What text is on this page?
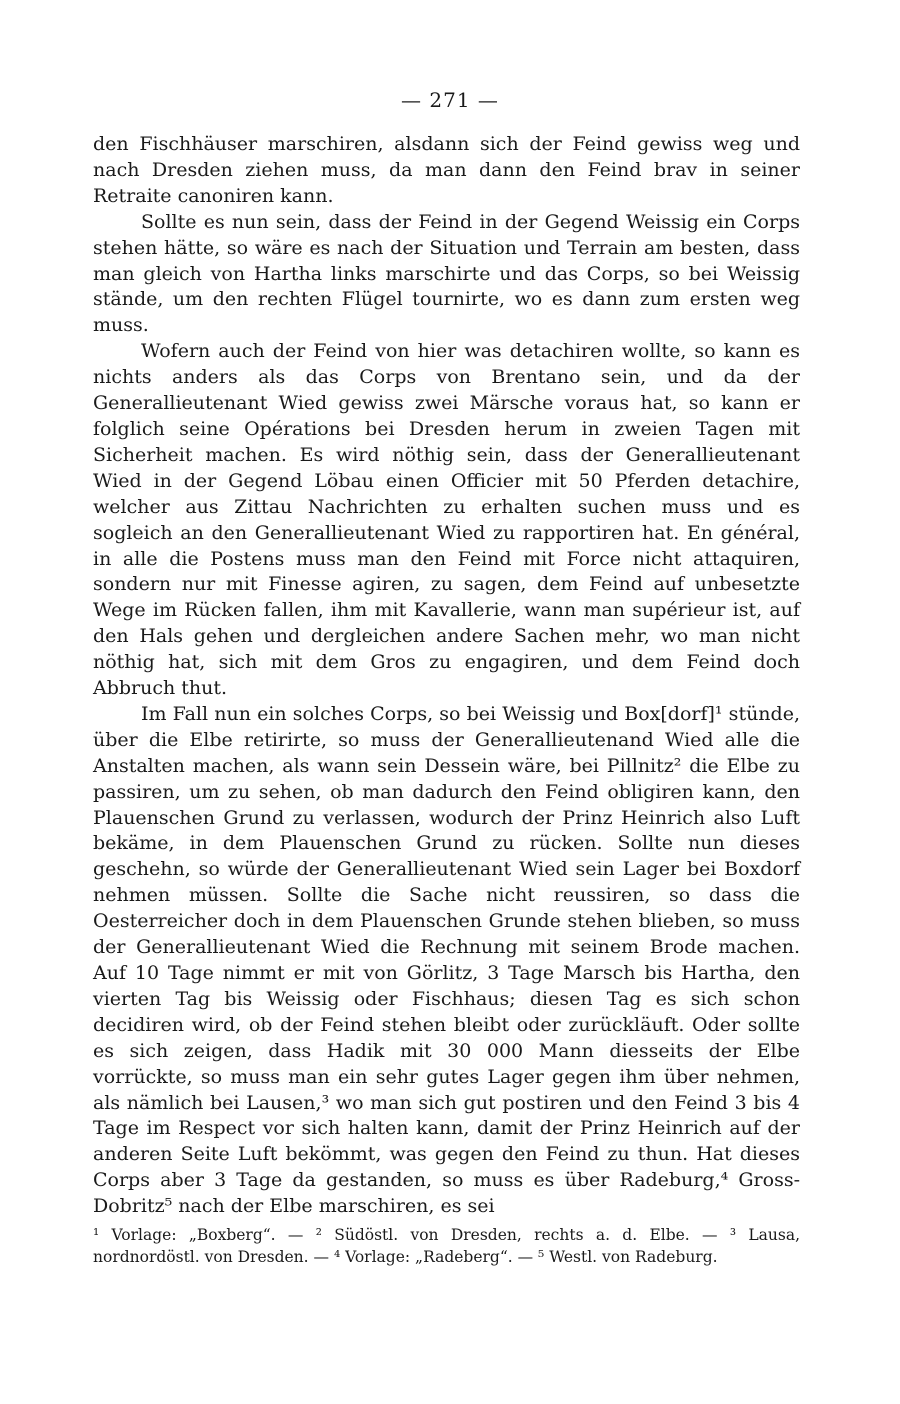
— 271 —

den Fischhäuser marschiren, alsdann sich der Feind gewiss weg und nach Dresden ziehen muss, da man dann den Feind brav in seiner Retraite canoniren kann.

Sollte es nun sein, dass der Feind in der Gegend Weissig ein Corps stehen hätte, so wäre es nach der Situation und Terrain am besten, dass man gleich von Hartha links marschirte und das Corps, so bei Weissig stände, um den rechten Flügel tournirte, wo es dann zum ersten weg muss.

Wofern auch der Feind von hier was detachiren wollte, so kann es nichts anders als das Corps von Brentano sein, und da der Generallieutenant Wied gewiss zwei Märsche voraus hat, so kann er folglich seine Opérations bei Dresden herum in zweien Tagen mit Sicherheit machen. Es wird nöthig sein, dass der Generallieutenant Wied in der Gegend Löbau einen Officier mit 50 Pferden detachire, welcher aus Zittau Nachrichten zu erhalten suchen muss und es sogleich an den Generallieutenant Wied zu rapportiren hat. En général, in alle die Postens muss man den Feind mit Force nicht attaquiren, sondern nur mit Finesse agiren, zu sagen, dem Feind auf unbesetzte Wege im Rücken fallen, ihm mit Kavallerie, wann man supérieur ist, auf den Hals gehen und dergleichen andere Sachen mehr, wo man nicht nöthig hat, sich mit dem Gros zu engagiren, und dem Feind doch Abbruch thut.

Im Fall nun ein solches Corps, so bei Weissig und Box[dorf]¹ stünde, über die Elbe retirirte, so muss der Generallieutenand Wied alle die Anstalten machen, als wann sein Dessein wäre, bei Pillnitz² die Elbe zu passiren, um zu sehen, ob man dadurch den Feind obligiren kann, den Plauenschen Grund zu verlassen, wodurch der Prinz Heinrich also Luft bekäme, in dem Plauenschen Grund zu rücken. Sollte nun dieses geschehn, so würde der Generallieutenant Wied sein Lager bei Boxdorf nehmen müssen. Sollte die Sache nicht reussiren, so dass die Oesterreicher doch in dem Plauenschen Grunde stehen blieben, so muss der Generallieutenant Wied die Rechnung mit seinem Brode machen. Auf 10 Tage nimmt er mit von Görlitz, 3 Tage Marsch bis Hartha, den vierten Tag bis Weissig oder Fischhaus; diesen Tag es sich schon decidiren wird, ob der Feind stehen bleibt oder zurückläuft. Oder sollte es sich zeigen, dass Hadik mit 30 000 Mann diesseits der Elbe vorrückte, so muss man ein sehr gutes Lager gegen ihm über nehmen, als nämlich bei Lausen,³ wo man sich gut postiren und den Feind 3 bis 4 Tage im Respect vor sich halten kann, damit der Prinz Heinrich auf der anderen Seite Luft bekömmt, was gegen den Feind zu thun. Hat dieses Corps aber 3 Tage da gestanden, so muss es über Radeburg,⁴ Gross-Dobritz⁵ nach der Elbe marschiren, es sei

¹ Vorlage: „Boxberg“. — ² Südöstl. von Dresden, rechts a. d. Elbe. — ³ Lausa, nordnordöstl. von Dresden. — ⁴ Vorlage: „Radeberg“. — ⁵ Westl. von Radeburg.
